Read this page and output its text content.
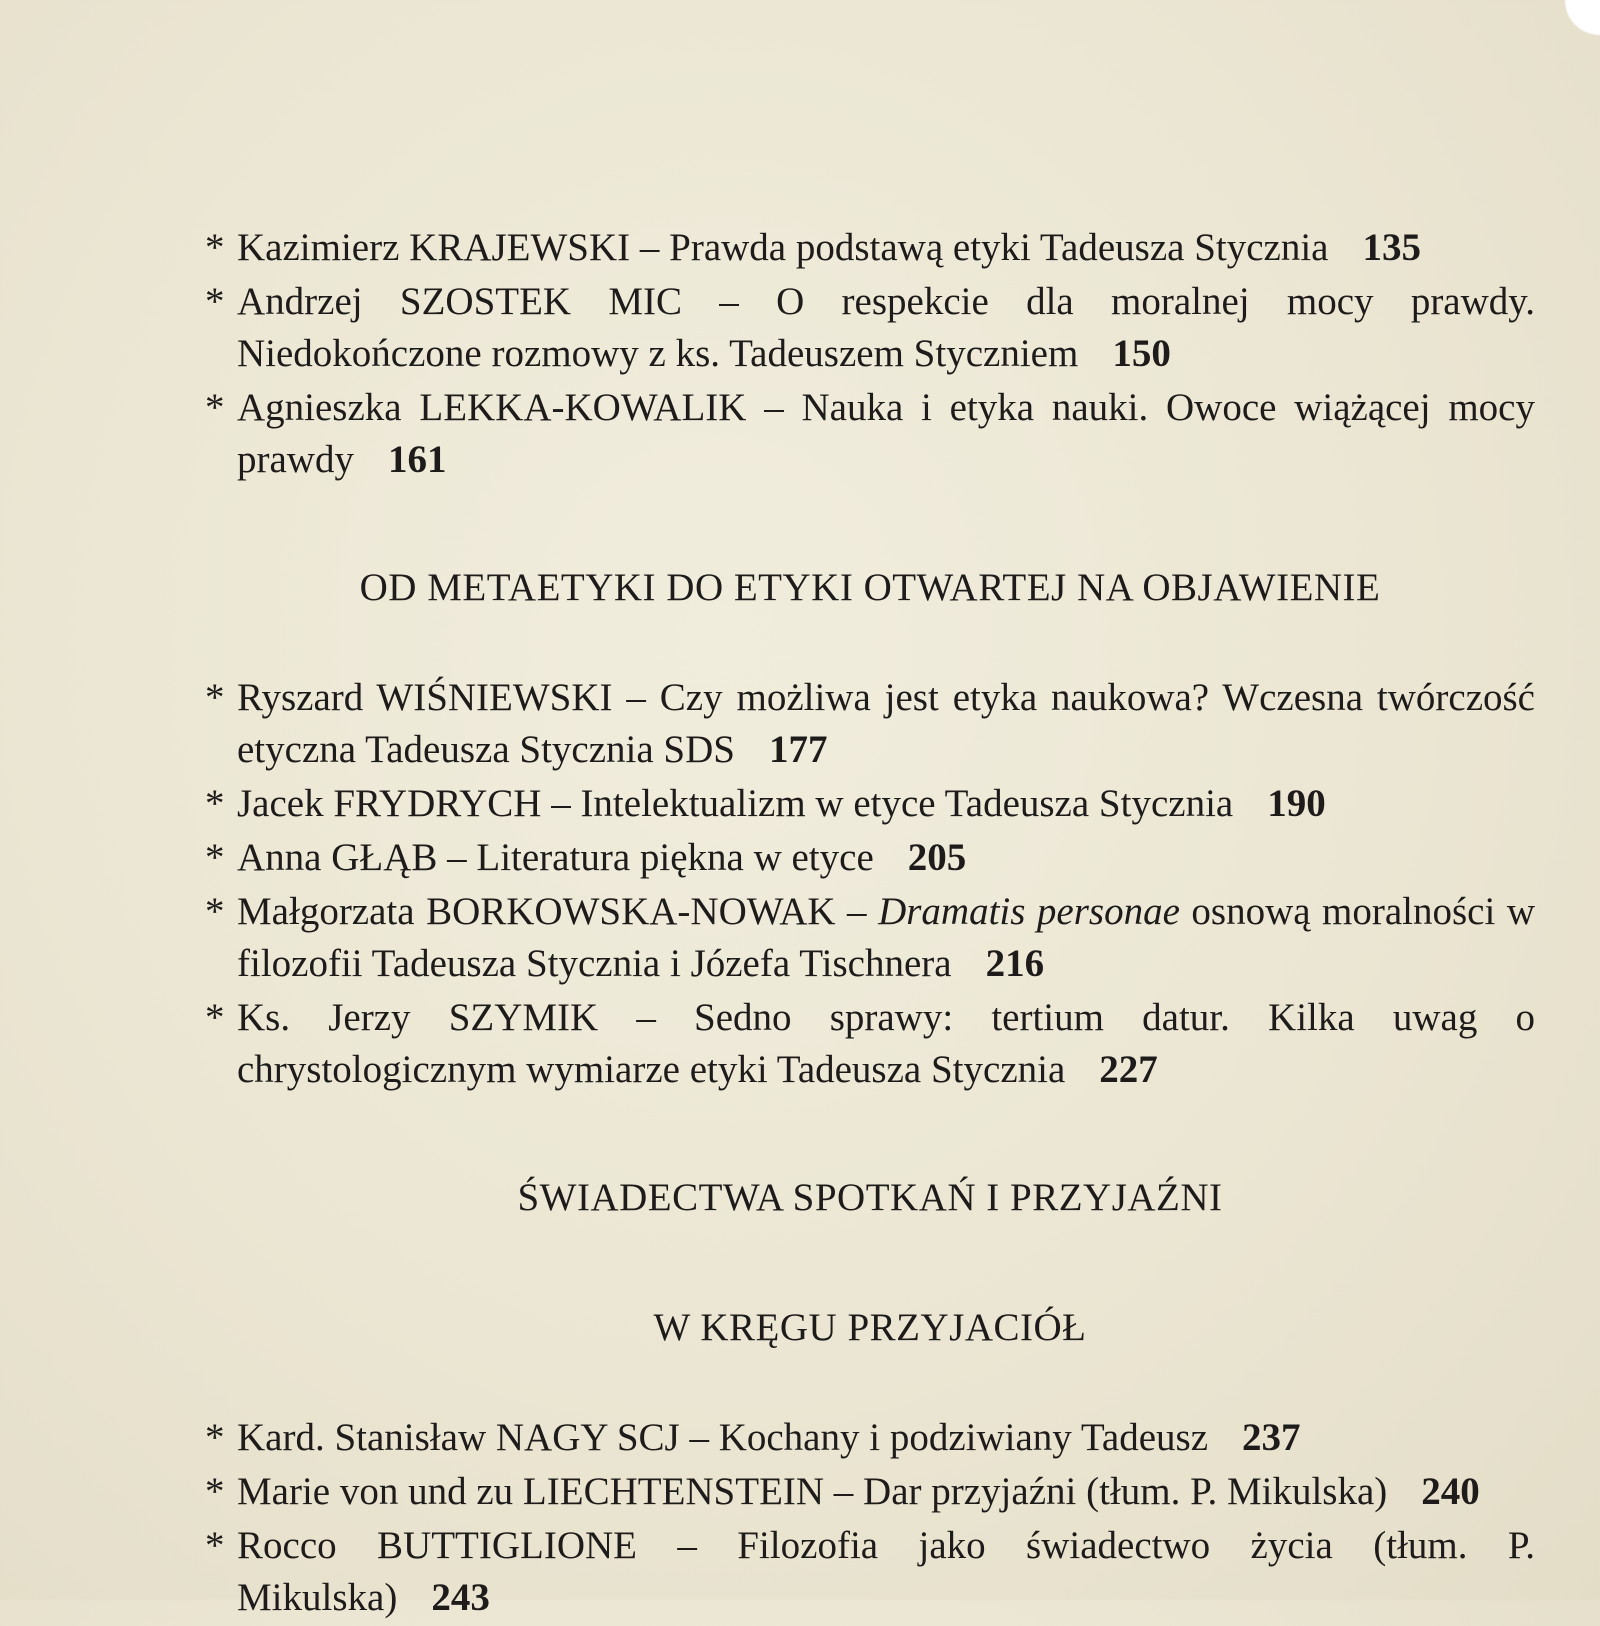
* Kazimierz KRAJEWSKI – Prawda podstawą etyki Tadeusza Stycznia 135
* Andrzej SZOSTEK MIC – O respekcie dla moralnej mocy prawdy. Niedokończone rozmowy z ks. Tadeuszem Styczniem 150
* Agnieszka LEKKA-KOWALIK – Nauka i etyka nauki. Owoce wiążącej mocy prawdy 161
OD METAETYKI DO ETYKI OTWARTEJ NA OBJAWIENIE
* Ryszard WIŚNIEWSKI – Czy możliwa jest etyka naukowa? Wczesna twórczość etyczna Tadeusza Stycznia SDS 177
* Jacek FRYDRYCH – Intelektualizm w etyce Tadeusza Stycznia 190
* Anna GŁĄB – Literatura piękna w etyce 205
* Małgorzata BORKOWSKA-NOWAK – Dramatis personae osnową moralności w filozofii Tadeusza Stycznia i Józefa Tischnera 216
* Ks. Jerzy SZYMIK – Sedno sprawy: tertium datur. Kilka uwag o chrystologicznym wymiarze etyki Tadeusza Stycznia 227
ŚWIADECTWA SPOTKAŃ I PRZYJAŹNI
W KRĘGU PRZYJACIÓŁ
* Kard. Stanisław NAGY SCJ – Kochany i podziwiany Tadeusz 237
* Marie von und zu LIECHTENSTEIN – Dar przyjaźni (tłum. P. Mikulska) 240
* Rocco BUTTIGLIONE – Filozofia jako świadectwo życia (tłum. P. Mikulska) 243
